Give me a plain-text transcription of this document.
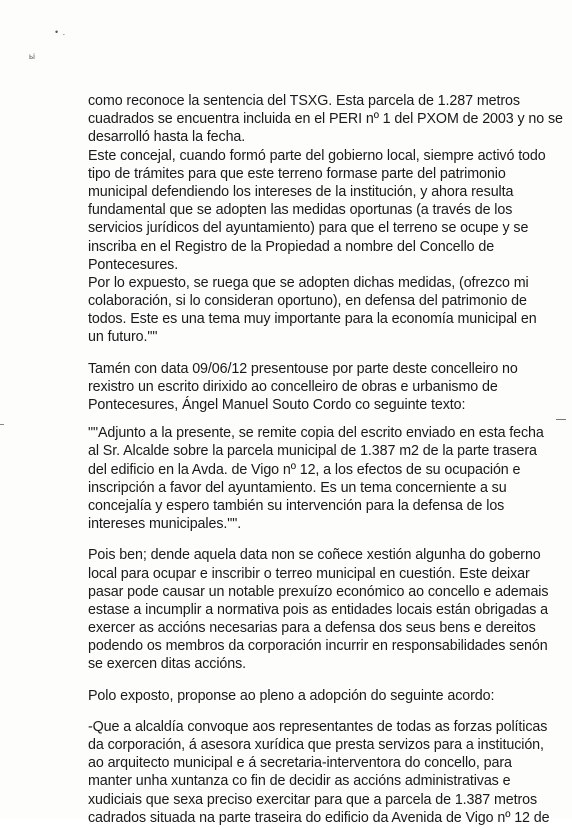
• .
ьі
como reconoce la sentencia del TSXG. Esta parcela de 1.287 metros
cuadrados se encuentra incluida en el PERI nº 1 del PXOM de 2003 y no se
desarrolló hasta la fecha.
Este concejal, cuando formó parte del gobierno local, siempre activó todo
tipo de trámites para que este terreno formase parte del patrimonio
municipal defendiendo los intereses de la institución, y ahora resulta
fundamental que se adopten las medidas oportunas (a través de los
servicios jurídicos del ayuntamiento) para que el terreno se ocupe y se
inscriba en el Registro de la Propiedad a nombre del Concello de
Pontecesures.
Por lo expuesto, se ruega que se adopten dichas medidas, (ofrezco mi
colaboración, si lo consideran oportuno), en defensa del patrimonio de
todos. Este es una tema muy importante para la economía municipal en
un futuro.""
Tamén con data 09/06/12 presentouse por parte deste concelleiro no
rexistro un escrito dirixido ao concelleiro de obras e urbanismo de
Pontecesures, Ángel Manuel Souto Cordo co seguinte texto:
""Adjunto a la presente, se remite copia del escrito enviado en esta fecha
al Sr. Alcalde sobre la parcela municipal de 1.387 m2 de la parte trasera
del edificio en la Avda. de Vigo nº 12, a los efectos de su ocupación e
inscripción a favor del ayuntamiento. Es un tema concerniente a su
concejalía y espero también su intervención para la defensa de los
intereses municipales."".
Pois ben; dende aquela data non se coñece xestión algunha do goberno
local para ocupar e inscribir o terreo municipal en cuestión. Este deixar
pasar pode causar un notable prexuízo económico ao concello e ademais
estase a incumplir a normativa pois as entidades locais están obrigadas a
exercer as accións necesarias para a defensa dos seus bens e dereitos
podendo os membros da corporación incurrir en responsabilidades senón
se exercen ditas accións.
Polo exposto, proponse ao pleno a adopción do seguinte acordo:
-Que a alcaldía convoque aos representantes de todas as forzas políticas
da corporación, á asesora xurídica que presta servizos para a institución,
ao arquitecto municipal e á secretaria-interventora do concello, para
manter unha xuntanza co fin de decidir as accións administrativas e
xudiciais que sexa preciso exercitar para que a parcela de 1.387 metros
cadrados situada na parte traseira do edificio da Avenida de Vigo nº 12 de
